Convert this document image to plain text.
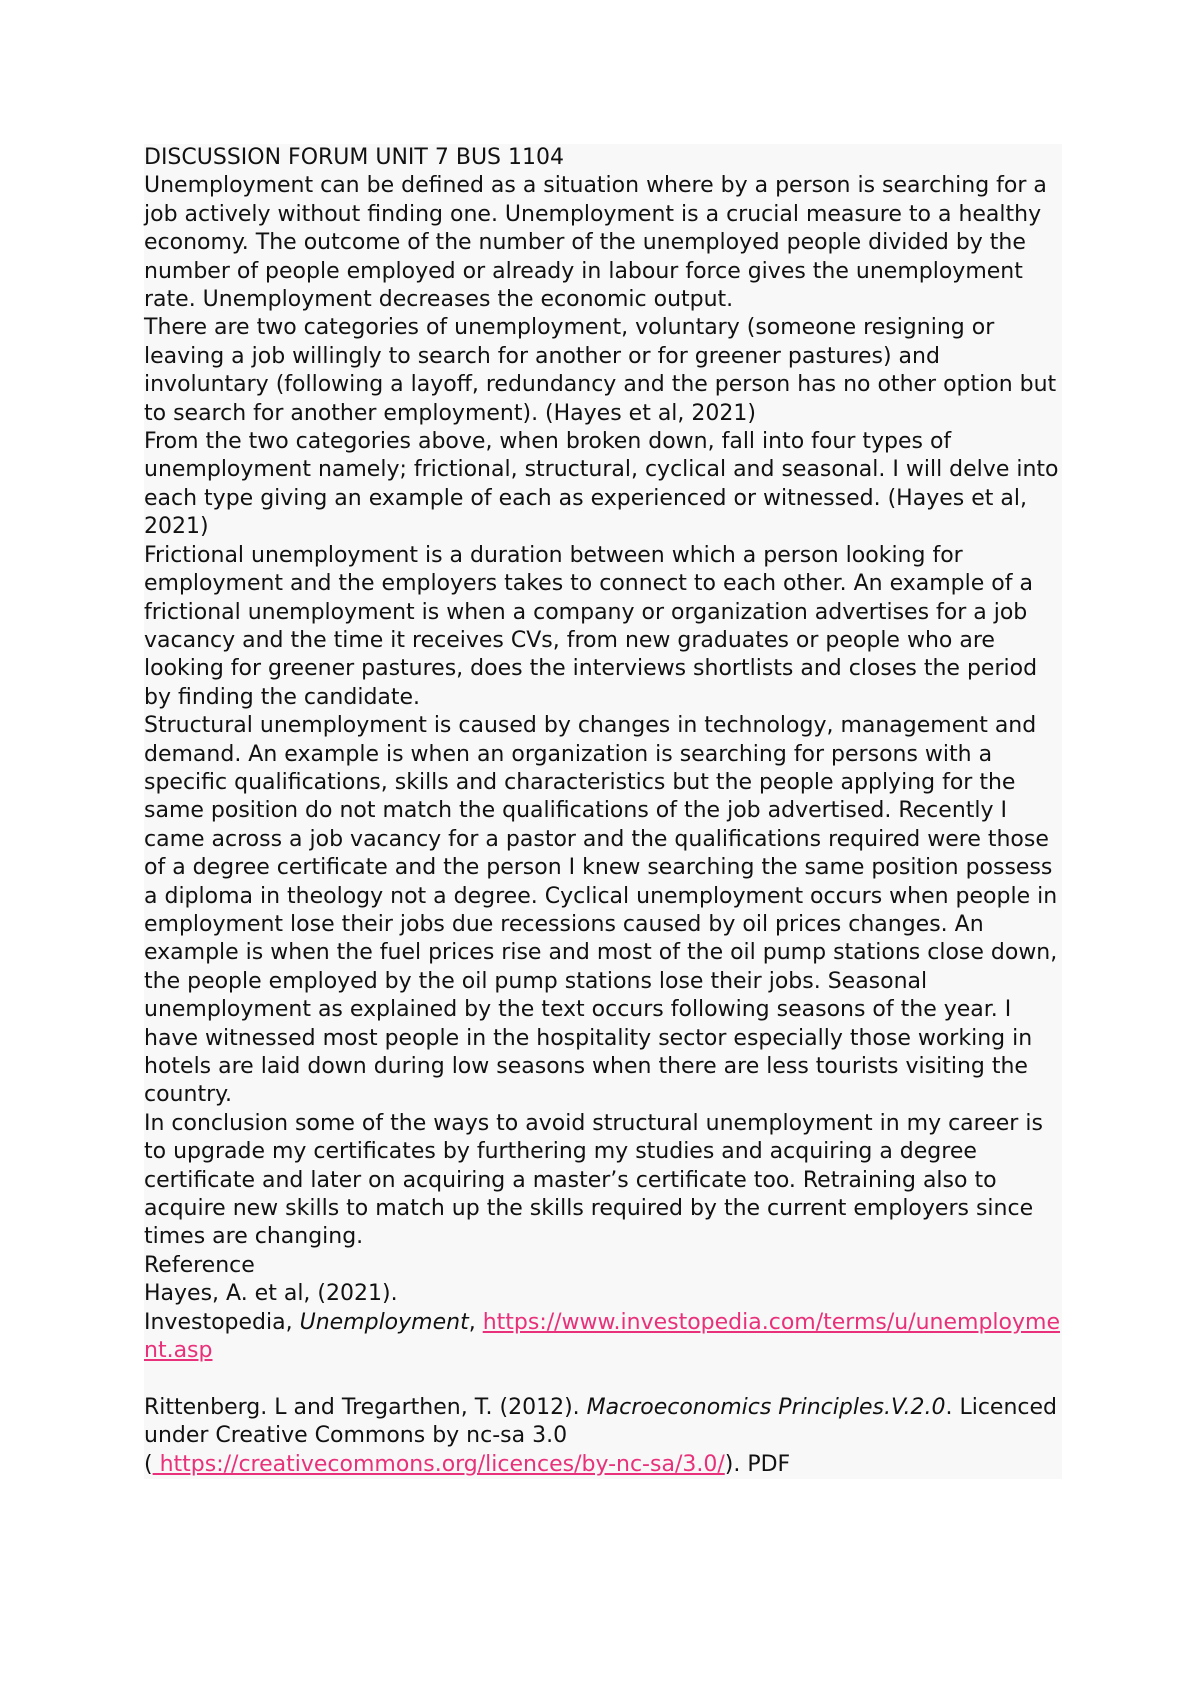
DISCUSSION FORUM UNIT 7 BUS 1104

Unemployment can be defined as a situation where by a person is searching for a job actively without finding one. Unemployment is a crucial measure to a healthy economy. The outcome of the number of the unemployed people divided by the number of people employed or already in labour force gives the unemployment rate. Unemployment decreases the economic output.

There are two categories of unemployment, voluntary (someone resigning or leaving a job willingly to search for another or for greener pastures) and involuntary (following a layoff, redundancy and the person has no other option but to search for another employment). (Hayes et al, 2021)

From the two categories above, when broken down, fall into four types of unemployment namely; frictional, structural, cyclical and seasonal. I will delve into each type giving an example of each as experienced or witnessed. (Hayes et al, 2021)

Frictional unemployment is a duration between which a person looking for employment and the employers takes to connect to each other. An example of a frictional unemployment is when a company or organization advertises for a job vacancy and the time it receives CVs, from new graduates or people who are looking for greener pastures, does the interviews shortlists and closes the period by finding the candidate.

Structural unemployment is caused by changes in technology, management and demand. An example is when an organization is searching for persons with a specific qualifications, skills and characteristics but the people applying for the same position do not match the qualifications of the job advertised. Recently I came across a job vacancy for a pastor and the qualifications required were those of a degree certificate and the person I knew searching the same position possess a diploma in theology not a degree. Cyclical unemployment occurs when people in employment lose their jobs due recessions caused by oil prices changes. An example is when the fuel prices rise and most of the oil pump stations close down, the people employed by the oil pump stations lose their jobs. Seasonal unemployment as explained by the text occurs following seasons of the year. I have witnessed most people in the hospitality sector especially those working in hotels are laid down during low seasons when there are less tourists visiting the country.

In conclusion some of the ways to avoid structural unemployment in my career is to upgrade my certificates by furthering my studies and acquiring a degree certificate and later on acquiring a master’s certificate too. Retraining also to acquire new skills to match up the skills required by the current employers since times are changing.

Reference

Hayes, A. et al, (2021).

Investopedia, Unemployment, https://www.investopedia.com/terms/u/unemployment.asp

Rittenberg. L and Tregarthen, T. (2012). Macroeconomics Principles.V.2.0. Licenced under Creative Commons by nc-sa 3.0
( https://creativecommons.org/licences/by-nc-sa/3.0/). PDF
